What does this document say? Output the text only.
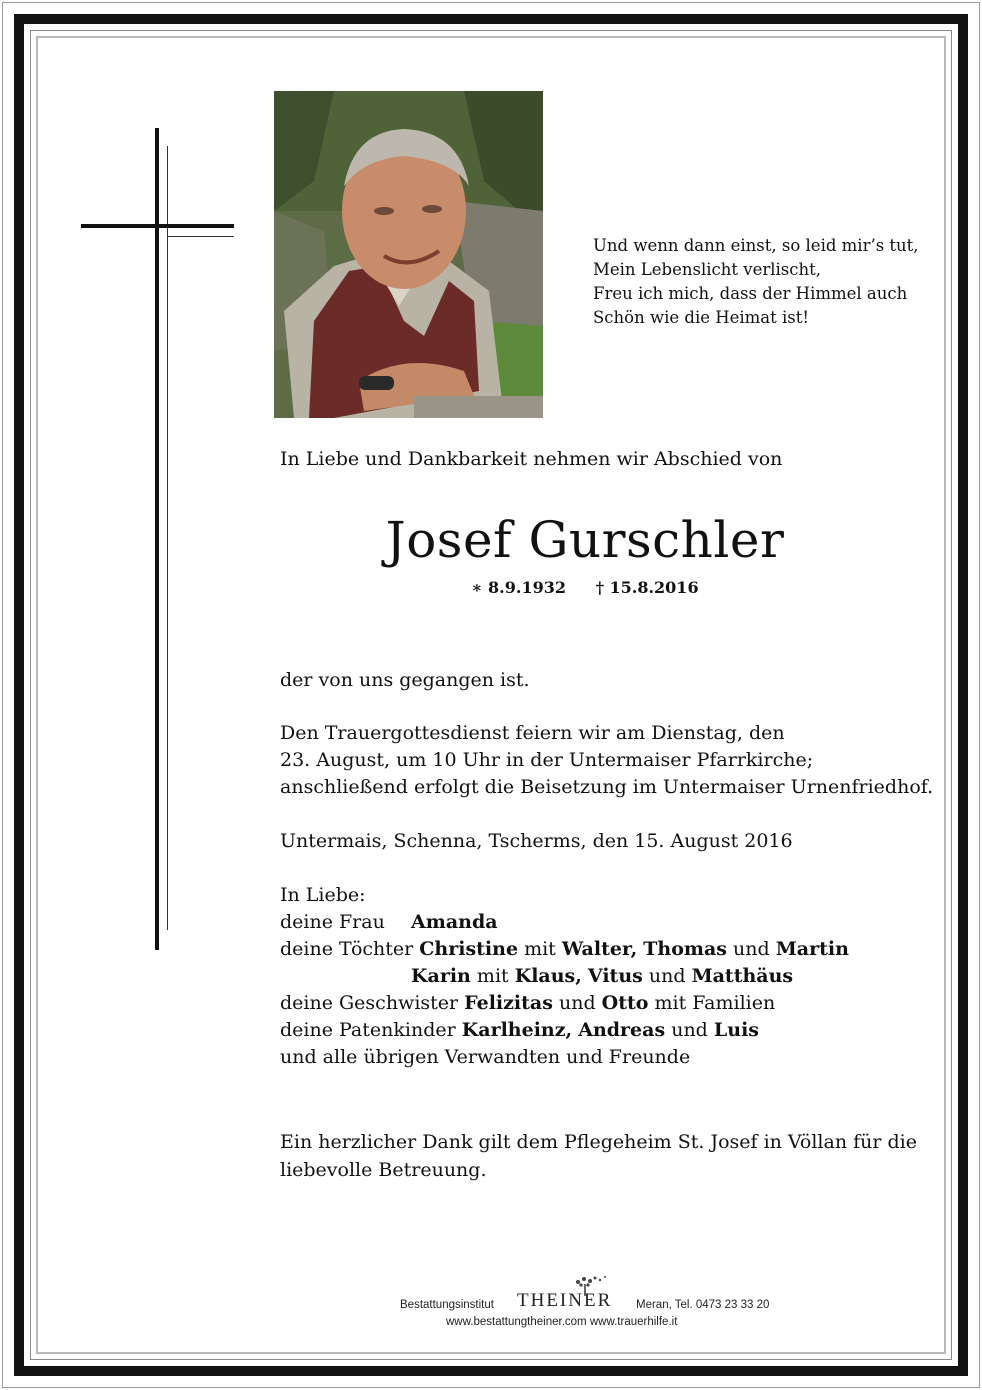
Und wenn dann einst, so leid mir’s tut,
Mein Lebenslicht verlischt,
Freu ich mich, dass der Himmel auch
Schön wie die Heimat ist!
In Liebe und Dankbarkeit nehmen wir Abschied von
Josef Gurschler
∗ 8.9.1932 † 15.8.2016
der von uns gegangen ist.
Den Trauergottesdienst feiern wir am Dienstag, den
23. August, um 10 Uhr in der Untermaiser Pfarrkirche;
anschließend erfolgt die Beisetzung im Untermaiser Urnenfriedhof.
Untermais, Schenna, Tscherms, den 15. August 2016
In Liebe:
deine Frau Amanda
deine Töchter Christine mit Walter, Thomas und Martin
Karin mit Klaus, Vitus und Matthäus
deine Geschwister Felizitas und Otto mit Familien
deine Patenkinder Karlheinz, Andreas und Luis
und alle übrigen Verwandten und Freunde
Ein herzlicher Dank gilt dem Pflegeheim St. Josef in Völlan für die
liebevolle Betreuung.
Bestattungsinstitut THEINER Meran, Tel. 0473 23 33 20
www.bestattungtheiner.com www.trauerhilfe.it
